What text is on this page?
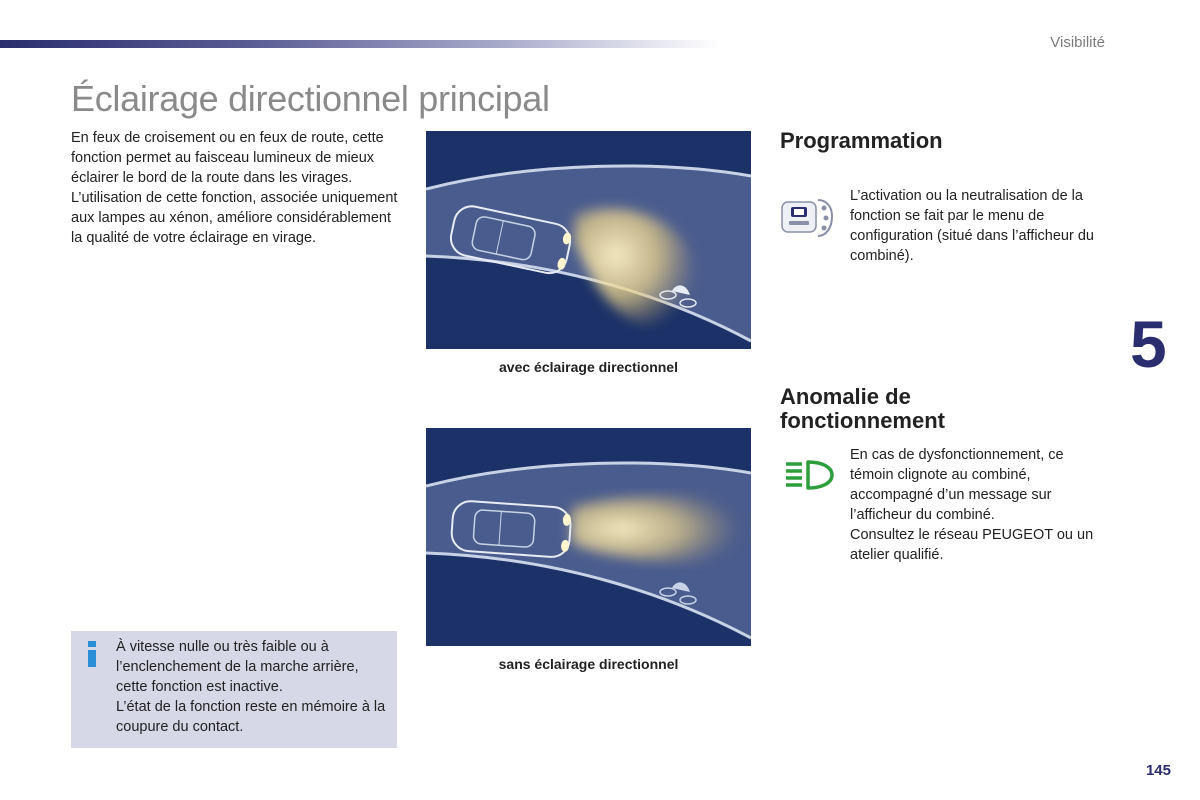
Visibilité
Éclairage directionnel principal

En feux de croisement ou en feux de route, cette fonction permet au faisceau lumineux de mieux éclairer le bord de la route dans les virages.

L’utilisation de cette fonction, associée uniquement aux lampes au xénon, améliore considérablement la qualité de votre éclairage en virage.

avec éclairage directionnel
sans éclairage directionnel
Programmation
L’activation ou la neutralisation de la fonction se fait par le menu de configuration (situé dans l’afficheur du combiné).
Anomalie de fonctionnement

En cas de dysfonctionnement, ce témoin clignote au combiné, accompagné d’un message sur l’afficheur du combiné.

Consultez le réseau PEUGEOT ou un atelier qualifié.

5

À vitesse nulle ou très faible ou à l’enclenchement de la marche arrière, cette fonction est inactive.

L’état de la fonction reste en mémoire à la coupure du contact.

145
